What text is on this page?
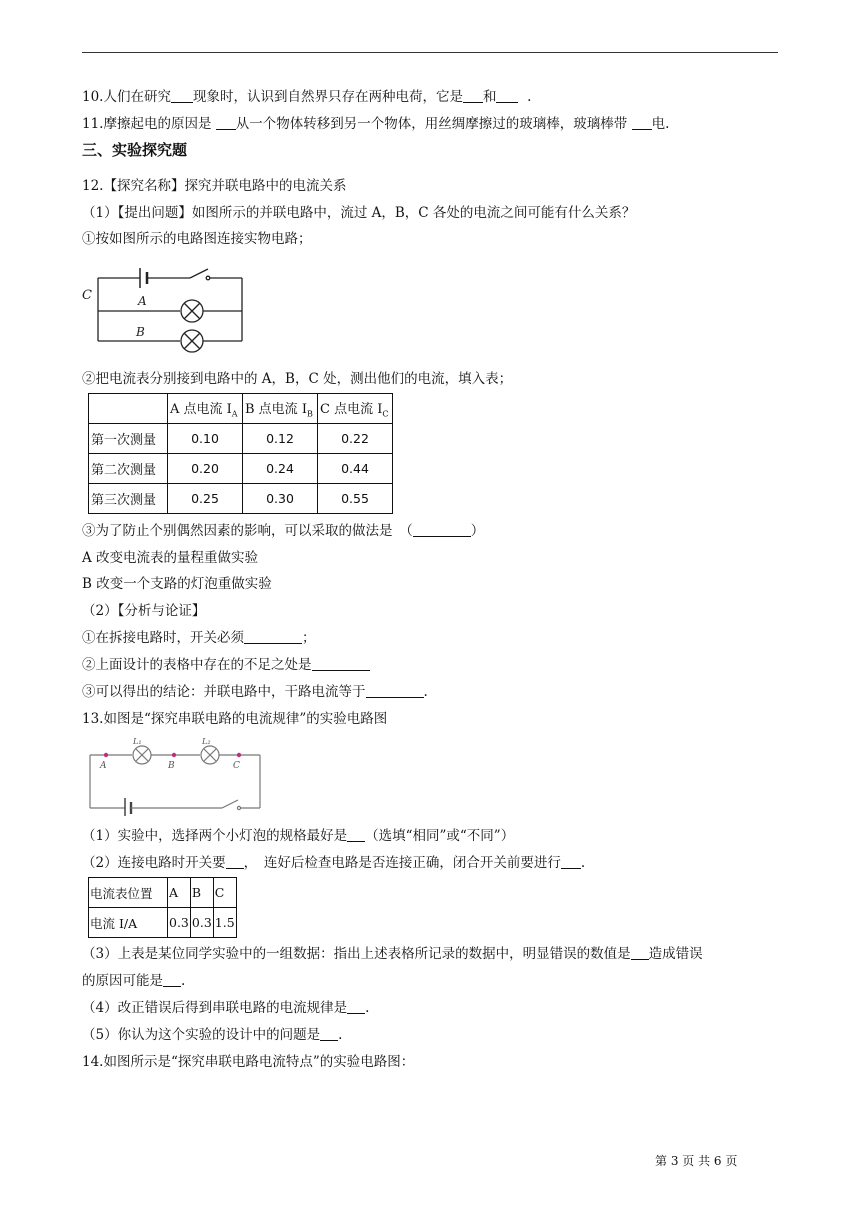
10.人们在研究 现象时，认识到自然界只存在两种电荷，它是 和 .
11.摩擦起电的原因是 从一个物体转移到另一个物体，用丝绸摩擦过的玻璃棒，玻璃棒带 电.
三、实验探究题
12.【探究名称】探究并联电路中的电流关系
（1）【提出问题】如图所示的并联电路中，流过 A，B，C 各处的电流之间可能有什么关系？
①按如图所示的电路图连接实物电路；
C	A
B
②把电流表分别接到电路中的 A，B，C 处，测出他们的电流，填入表；
	A 点电流 $I_A$	B 点电流 $I_B$	C 点电流 $I_C$
第一次测量	0.10	0.12	0.22
第二次测量	0.20	0.24	0.44
第三次测量	0.25	0.30	0.55
③为了防止个别偶然因素的影响，可以采取的做法是　（	）
A 改变电流表的量程重做实验
B 改变一个支路的灯泡重做实验
（2）【分析与论证】
①在拆接电路时，开关必须	；
②上面设计的表格中存在的不足之处是
③可以得出的结论：并联电路中，干路电流等于	.
13.如图是“探究串联电路的电流规律”的实验电路图
L₁	L₂
A	B	C
（1）实验中，选择两个小灯泡的规格最好是 （选填“相同”或“不同”）
（2）连接电路时开关要 ，　连好后检查电路是否连接正确，闭合开关前要进行 .
电流表位置	A	B	C
电流 I/A	0.3	0.3	1.5
（3）上表是某位同学实验中的一组数据：指出上述表格所记录的数据中，明显错误的数值是 造成错误
的原因可能是 .
（4）改正错误后得到串联电路的电流规律是 .
（5）你认为这个实验的设计中的问题是 .
14.如图所示是“探究串联电路电流特点”的实验电路图：
第 3 页 共 6 页
